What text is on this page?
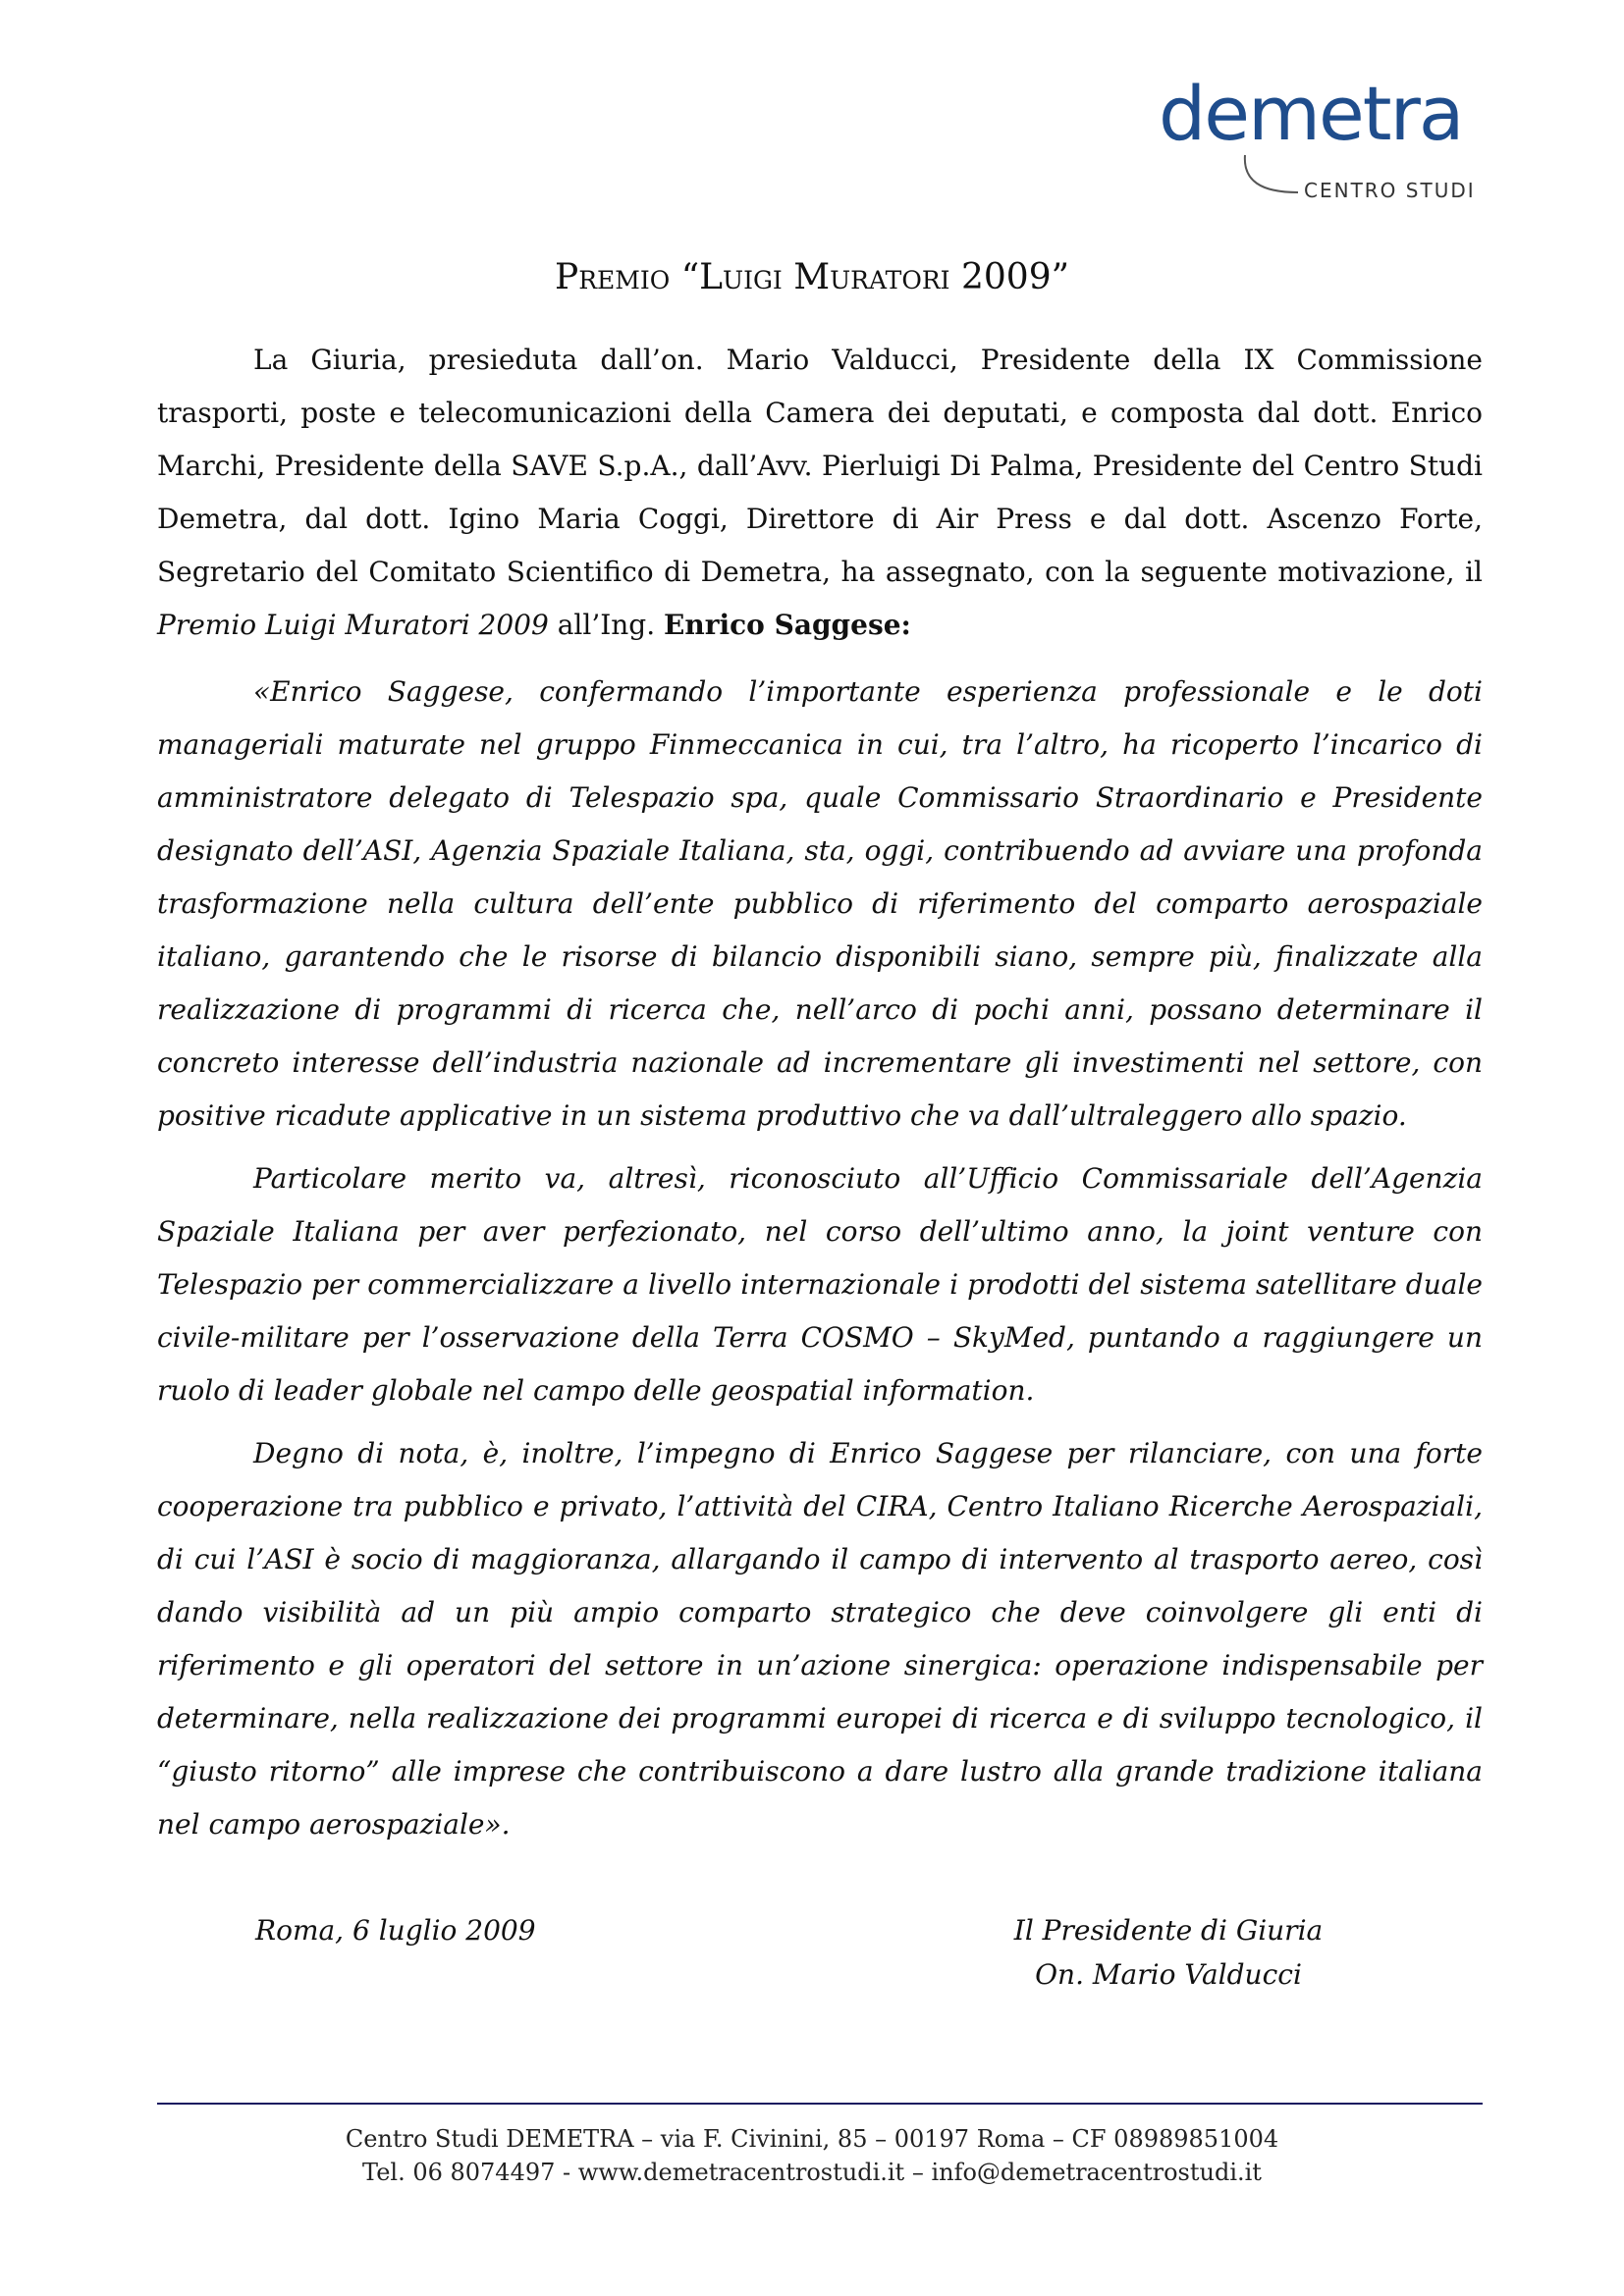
demetra
CENTRO STUDI
Premio “Luigi Muratori 2009”

La Giuria, presieduta dall’on. Mario Valducci, Presidente della IX Commissione trasporti, poste e telecomunicazioni della Camera dei deputati, e composta dal dott. Enrico Marchi, Presidente della SAVE S.p.A., dall’Avv. Pierluigi Di Palma, Presidente del Centro Studi Demetra, dal dott. Igino Maria Coggi, Direttore di Air Press e dal dott. Ascenzo Forte, Segretario del Comitato Scientifico di Demetra, ha assegnato, con la seguente motivazione, il Premio Luigi Muratori 2009 all’Ing. Enrico Saggese:

«Enrico Saggese, confermando l’importante esperienza professionale e le doti manageriali maturate nel gruppo Finmeccanica in cui, tra l’altro, ha ricoperto l’incarico di amministratore delegato di Telespazio spa, quale Commissario Straordinario e Presidente designato dell’ASI, Agenzia Spaziale Italiana, sta, oggi, contribuendo ad avviare una profonda trasformazione nella cultura dell’ente pubblico di riferimento del comparto aerospaziale italiano, garantendo che le risorse di bilancio disponibili siano, sempre più, finalizzate alla realizzazione di programmi di ricerca che, nell’arco di pochi anni, possano determinare il concreto interesse dell’industria nazionale ad incrementare gli investimenti nel settore, con positive ricadute applicative in un sistema produttivo che va dall’ultraleggero allo spazio.

Particolare merito va, altresì, riconosciuto all’Ufficio Commissariale dell’Agenzia Spaziale Italiana per aver perfezionato, nel corso dell’ultimo anno, la joint venture con Telespazio per commercializzare a livello internazionale i prodotti del sistema satellitare duale civile-militare per l’osservazione della Terra COSMO – SkyMed, puntando a raggiungere un ruolo di leader globale nel campo delle geospatial information.

Degno di nota, è, inoltre, l’impegno di Enrico Saggese per rilanciare, con una forte cooperazione tra pubblico e privato, l’attività del CIRA, Centro Italiano Ricerche Aerospaziali, di cui l’ASI è socio di maggioranza, allargando il campo di intervento al trasporto aereo, così dando visibilità ad un più ampio comparto strategico che deve coinvolgere gli enti di riferimento e gli operatori del settore in un’azione sinergica: operazione indispensabile per determinare, nella realizzazione dei programmi europei di ricerca e di sviluppo tecnologico, il “giusto ritorno” alle imprese che contribuiscono a dare lustro alla grande tradizione italiana nel campo aerospaziale».

Roma, 6 luglio 2009	Il Presidente di Giuria
On. Mario Valducci
Centro Studi DEMETRA – via F. Civinini, 85 – 00197 Roma – CF 08989851004
Tel. 06 8074497 - www.demetracentrostudi.it – info@demetracentrostudi.it
